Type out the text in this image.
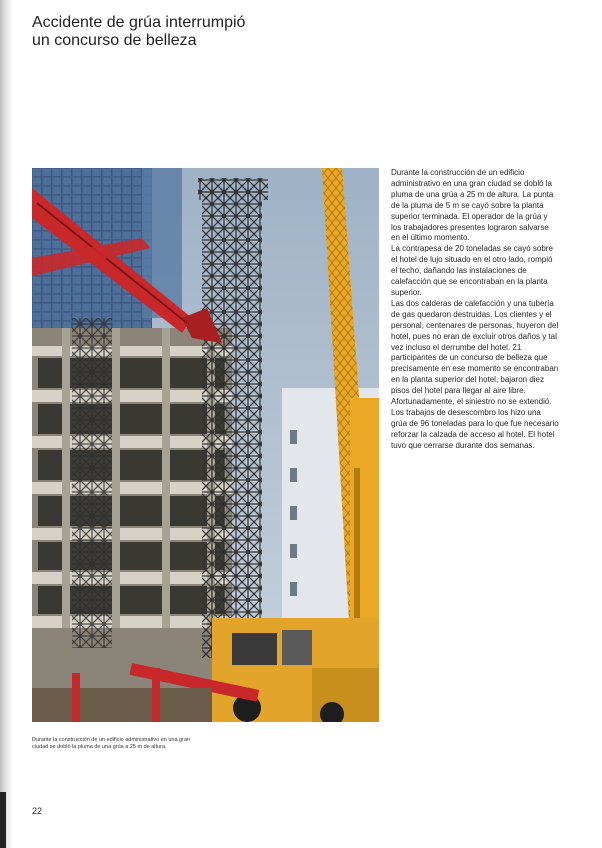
Accidente de grúa interrumpió
un concurso de belleza

Durante la construcción de un edificio administrativo en una gran ciudad se dobló la pluma de una grúa a 25 m de altura. La punta de la pluma de 5 m se cayó sobre la planta superior terminada. El operador de la grúa y los trabajadores presentes lograron salvarse en el último momento.

La contrapesa de 20 toneladas se cayó sobre el hotel de lujo situado en el otro lado, rompió el techo, dañando las instalaciones de calefacción que se encontraban en la planta superior.

Las dos calderas de calefacción y una tubería de gas quedaron destruidas. Los clientes y el personal, centenares de personas, huyeron del hotel, pues no eran de excluir otros daños y tal vez incluso el derrumbe del hotel. 21 participantes de un concurso de belleza que precisamente en ese momento se encontraban en la planta superior del hotel, bajaron diez pisos del hotel para llegar al aire libre. Afortunadamente, el siniestro no se extendió. Los trabajos de desescombro los hizo una grúa de 96 toneladas para lo que fue necesario reforzar la calzada de acceso al hotel. El hotel tuvo que cerrarse durante dos semanas.

Durante la construcción de un edificio administrativo en una gran ciudad se dobló la pluma de una grúa a 25 m de altura.
22
